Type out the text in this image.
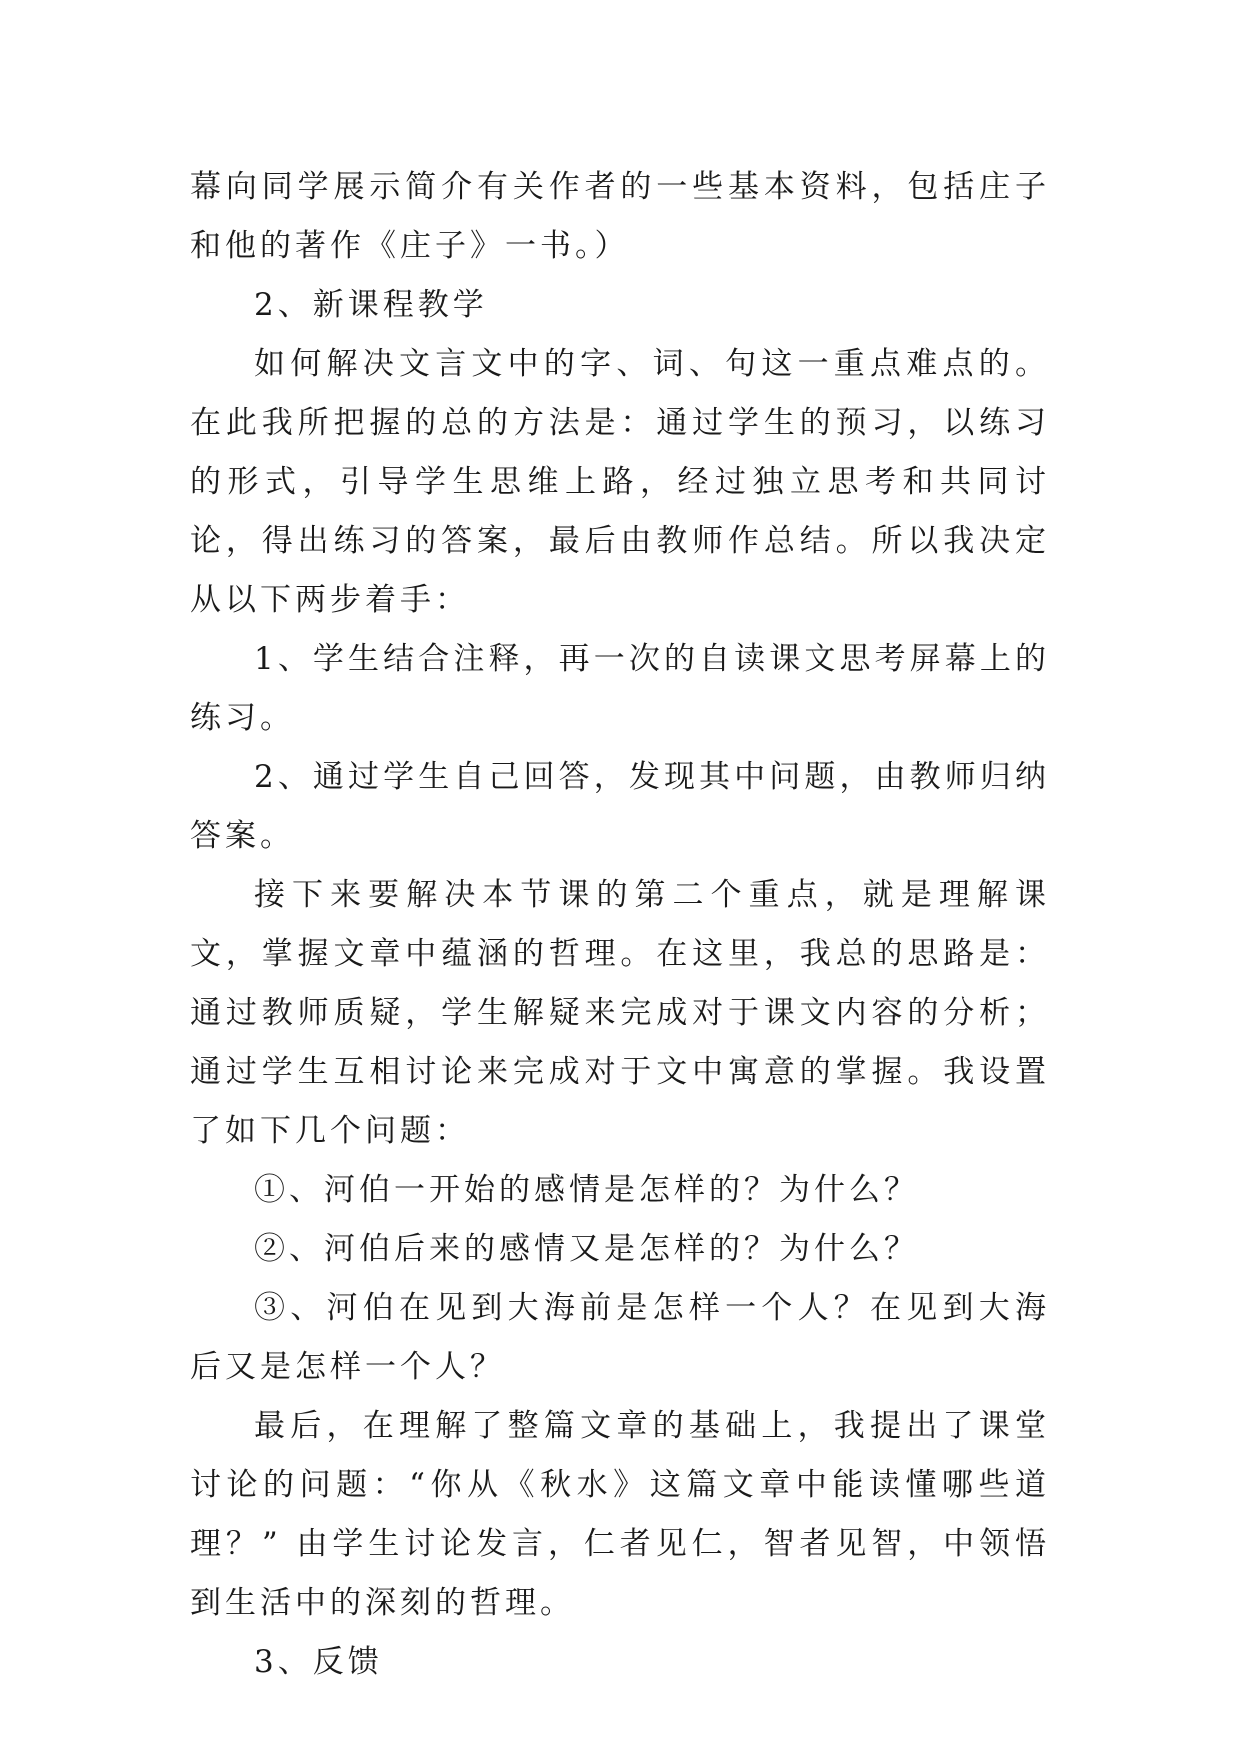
幕向同学展示简介有关作者的一些基本资料，包括庄子和他的著作《庄子》一书。）

2、新课程教学

如何解决文言文中的字、词、句这一重点难点的。在此我所把握的总的方法是：通过学生的预习，以练习的形式，引导学生思维上路，经过独立思考和共同讨论，得出练习的答案，最后由教师作总结。所以我决定从以下两步着手：

1、学生结合注释，再一次的自读课文思考屏幕上的练习。

2、通过学生自己回答，发现其中问题，由教师归纳答案。

接下来要解决本节课的第二个重点，就是理解课文，掌握文章中蕴涵的哲理。在这里，我总的思路是：通过教师质疑，学生解疑来完成对于课文内容的分析；通过学生互相讨论来完成对于文中寓意的掌握。我设置了如下几个问题：

①、河伯一开始的感情是怎样的？为什么？

②、河伯后来的感情又是怎样的？为什么？

③、河伯在见到大海前是怎样一个人？在见到大海后又是怎样一个人？

最后，在理解了整篇文章的基础上，我提出了课堂讨论的问题：“你从《秋水》这篇文章中能读懂哪些道理？” 由学生讨论发言，仁者见仁，智者见智，中领悟到生活中的深刻的哲理。

3、反馈
